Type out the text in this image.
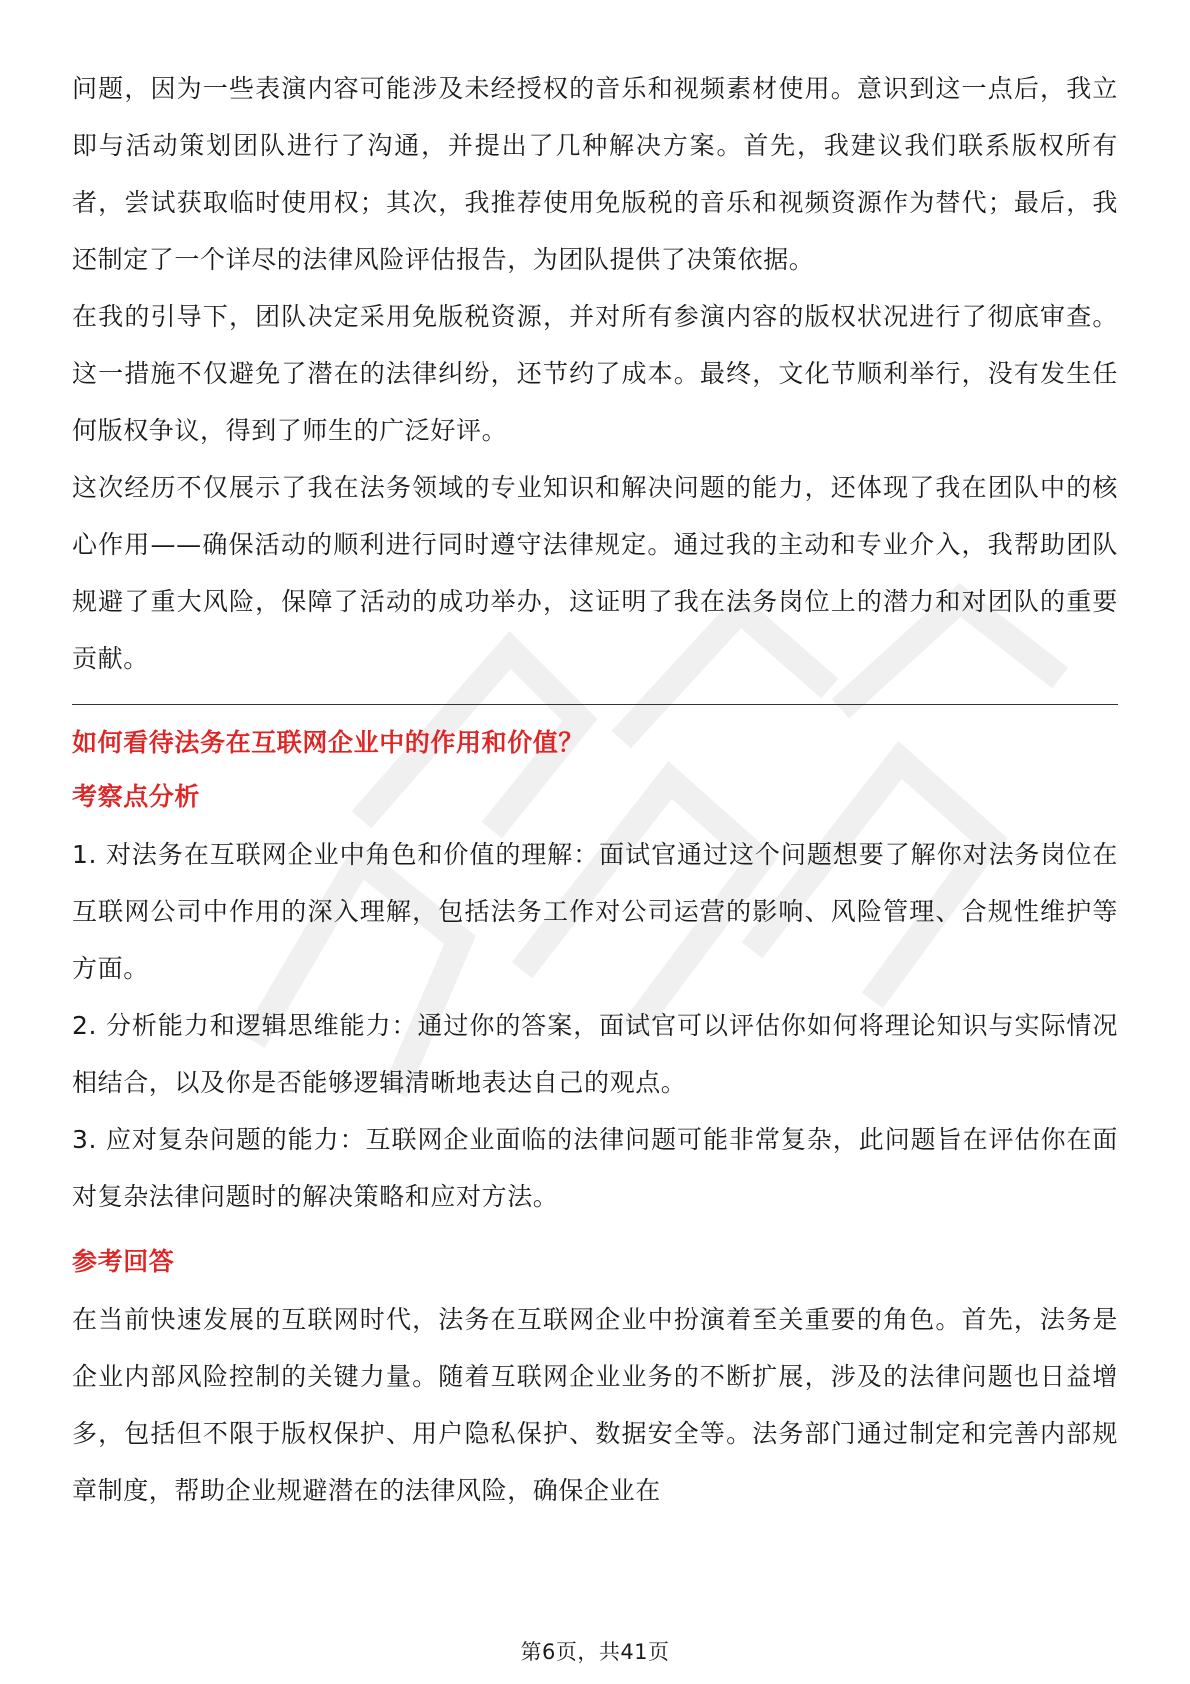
问题，因为一些表演内容可能涉及未经授权的音乐和视频素材使用。意识到这一点后，我立即与活动策划团队进行了沟通，并提出了几种解决方案。首先，我建议我们联系版权所有者，尝试获取临时使用权；其次，我推荐使用免版税的音乐和视频资源作为替代；最后，我还制定了一个详尽的法律风险评估报告，为团队提供了决策依据。

在我的引导下，团队决定采用免版税资源，并对所有参演内容的版权状况进行了彻底审查。这一措施不仅避免了潜在的法律纠纷，还节约了成本。最终，文化节顺利举行，没有发生任何版权争议，得到了师生的广泛好评。

这次经历不仅展示了我在法务领域的专业知识和解决问题的能力，还体现了我在团队中的核心作用——确保活动的顺利进行同时遵守法律规定。通过我的主动和专业介入，我帮助团队规避了重大风险，保障了活动的成功举办，这证明了我在法务岗位上的潜力和对团队的重要贡献。

如何看待法务在互联网企业中的作用和价值？

考察点分析

1. 对法务在互联网企业中角色和价值的理解：面试官通过这个问题想要了解你对法务岗位在互联网公司中作用的深入理解，包括法务工作对公司运营的影响、风险管理、合规性维护等方面。

2. 分析能力和逻辑思维能力：通过你的答案，面试官可以评估你如何将理论知识与实际情况相结合，以及你是否能够逻辑清晰地表达自己的观点。

3. 应对复杂问题的能力：互联网企业面临的法律问题可能非常复杂，此问题旨在评估你在面对复杂法律问题时的解决策略和应对方法。

参考回答

在当前快速发展的互联网时代，法务在互联网企业中扮演着至关重要的角色。首先，法务是企业内部风险控制的关键力量。随着互联网企业业务的不断扩展，涉及的法律问题也日益增多，包括但不限于版权保护、用户隐私保护、数据安全等。法务部门通过制定和完善内部规章制度，帮助企业规避潜在的法律风险，确保企业在

第6页，共41页
